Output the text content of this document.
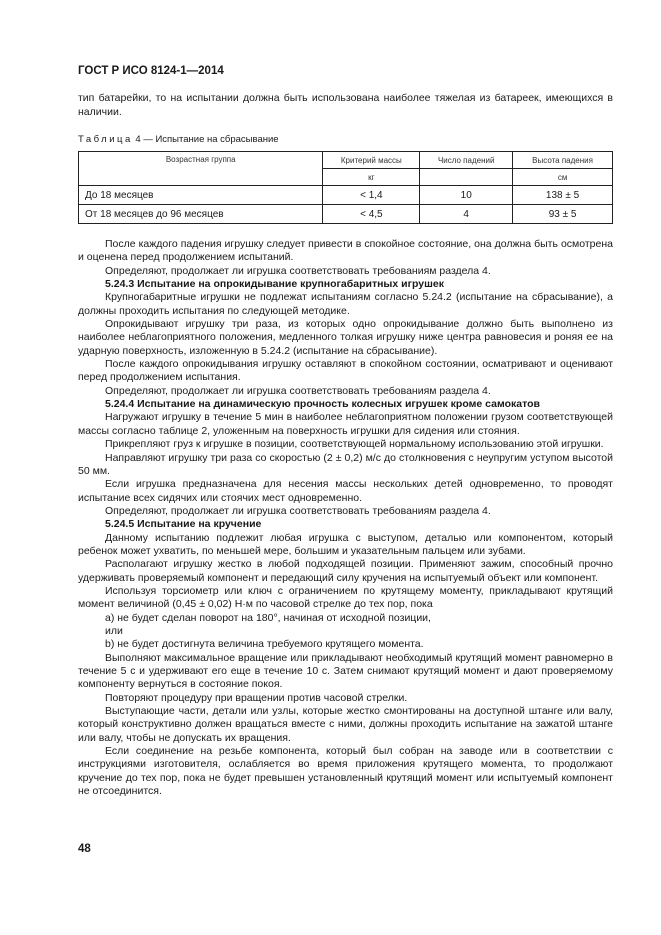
ГОСТ Р ИСО 8124-1—2014
тип батарейки, то на испытании должна быть использована наиболее тяжелая из батареек, имеющихся в наличии.
Таблица 4 — Испытание на сбрасывание
Возрастная группа	Критерий массы	Число падений	Высота падения
	кг		см
До 18 месяцев	< 1,4	10	138 ± 5
От 18 месяцев до 96 месяцев	< 4,5	4	93 ± 5

После каждого падения игрушку следует привести в спокойное состояние, она должна быть осмотрена и оценена перед продолжением испытаний.

Определяют, продолжает ли игрушка соответствовать требованиям раздела 4.

5.24.3 Испытание на опрокидывание крупногабаритных игрушек

Крупногабаритные игрушки не подлежат испытаниям согласно 5.24.2 (испытание на сбрасывание), а должны проходить испытания по следующей методике.

Опрокидывают игрушку три раза, из которых одно опрокидывание должно быть выполнено из наиболее неблагоприятного положения, медленного толкая игрушку ниже центра равновесия и роняя ее на ударную поверхность, изложенную в 5.24.2 (испытание на сбрасывание).

После каждого опрокидывания игрушку оставляют в спокойном состоянии, осматривают и оценивают перед продолжением испытания.

Определяют, продолжает ли игрушка соответствовать требованиям раздела 4.

5.24.4 Испытание на динамическую прочность колесных игрушек кроме самокатов

Нагружают игрушку в течение 5 мин в наиболее неблагоприятном положении грузом соответствующей массы согласно таблице 2, уложенным на поверхность игрушки для сидения или стояния.

Прикрепляют груз к игрушке в позиции, соответствующей нормальному использованию этой игрушки.

Направляют игрушку три раза со скоростью (2 ± 0,2) м/с до столкновения с неупругим уступом высотой 50 мм.

Если игрушка предназначена для несения массы нескольких детей одновременно, то проводят испытание всех сидячих или стоячих мест одновременно.

Определяют, продолжает ли игрушка соответствовать требованиям раздела 4.

5.24.5 Испытание на кручение

Данному испытанию подлежит любая игрушка с выступом, деталью или компонентом, который ребенок может ухватить, по меньшей мере, большим и указательным пальцем или зубами.

Располагают игрушку жестко в любой подходящей позиции. Применяют зажим, способный прочно удерживать проверяемый компонент и передающий силу кручения на испытуемый объект или компонент.

Используя торсиометр или ключ с ограничением по крутящему моменту, прикладывают крутящий момент величиной (0,45 ± 0,02) Н·м по часовой стрелке до тех пор, пока

a) не будет сделан поворот на 180°, начиная от исходной позиции,

или

b) не будет достигнута величина требуемого крутящего момента.

Выполняют максимальное вращение или прикладывают необходимый крутящий момент равномерно в течение 5 с и удерживают его еще в течение 10 с. Затем снимают крутящий момент и дают проверяемому компоненту вернуться в состояние покоя.

Повторяют процедуру при вращении против часовой стрелки.

Выступающие части, детали или узлы, которые жестко смонтированы на доступной штанге или валу, который конструктивно должен вращаться вместе с ними, должны проходить испытание на зажатой штанге или валу, чтобы не допускать их вращения.

Если соединение на резьбе компонента, который был собран на заводе или в соответствии с инструкциями изготовителя, ослабляется во время приложения крутящего момента, то продолжают кручение до тех пор, пока не будет превышен установленный крутящий момент или испытуемый компонент не отсоединится.

48
